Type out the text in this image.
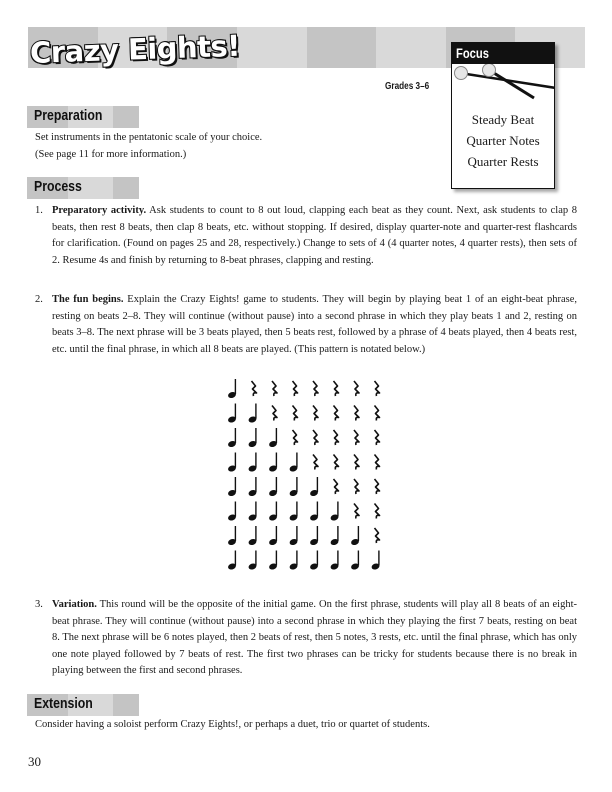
Crazy Eights!
Grades 3–6
Focus
Steady Beat
Quarter Notes
Quarter Rests
Preparation
Set instruments in the pentatonic scale of your choice.
(See page 11 for more information.)
Process
1. Preparatory activity. Ask students to count to 8 out loud, clapping each beat as they count. Next, ask students to clap 8 beats, then rest 8 beats, then clap 8 beats, etc. without stopping. If desired, display quarter-note and quarter-rest flashcards for clarification. (Found on pages 25 and 28, respectively.) Change to sets of 4 (4 quarter notes, 4 quarter rests), then sets of 2. Resume 4s and finish by returning to 8-beat phrases, clapping and resting.
2. The fun begins. Explain the Crazy Eights! game to students. They will begin by playing beat 1 of an eight-beat phrase, resting on beats 2–8. They will continue (without pause) into a second phrase in which they play beats 1 and 2, resting on beats 3–8. The next phrase will be 3 beats played, then 5 beats rest, followed by a phrase of 4 beats played, then 4 beats rest, etc. until the final phrase, in which all 8 beats are played. (This pattern is notated below.)
3. Variation. This round will be the opposite of the initial game. On the first phrase, students will play all 8 beats of an eight-beat phrase. They will continue (without pause) into a second phrase in which they playing the first 7 beats, resting on beat 8. The next phrase will be 6 notes played, then 2 beats of rest, then 5 notes, 3 rests, etc. until the final phrase, which has only one note played followed by 7 beats of rest. The first two phrases can be tricky for students because there is no break in playing between the first and second phrases.
Extension
Consider having a soloist perform Crazy Eights!, or perhaps a duet, trio or quartet of students.
30
